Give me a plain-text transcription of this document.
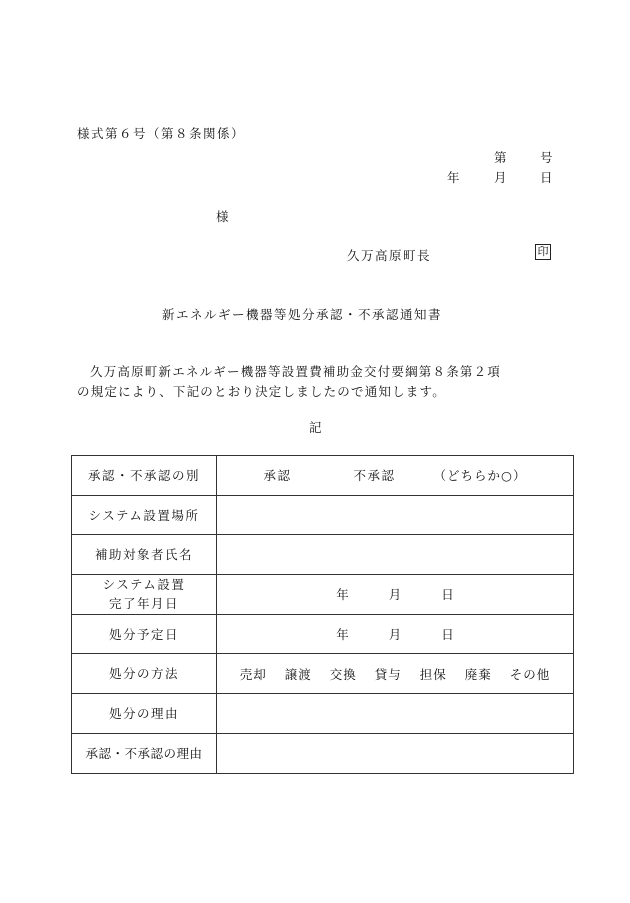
様式第６号（第８条関係）
第	号
年	月	日
様
久万高原町長	印
新エネルギー機器等処分承認・不承認通知書

久万高原町新エネルギー機器等設置費補助金交付要綱第８条第２項

の規定により、下記のとおり決定しましたので通知します。

記
承認・不承認の別	承認 不承認 （どちらか○）
システム設置場所	
補助対象者氏名	

システム設置
完了年月日	年 月 日
処分予定日	年 月 日
処分の方法	売却 譲渡 交換 貸与 担保 廃棄 その他
処分の理由	
承認・不承認の理由	
